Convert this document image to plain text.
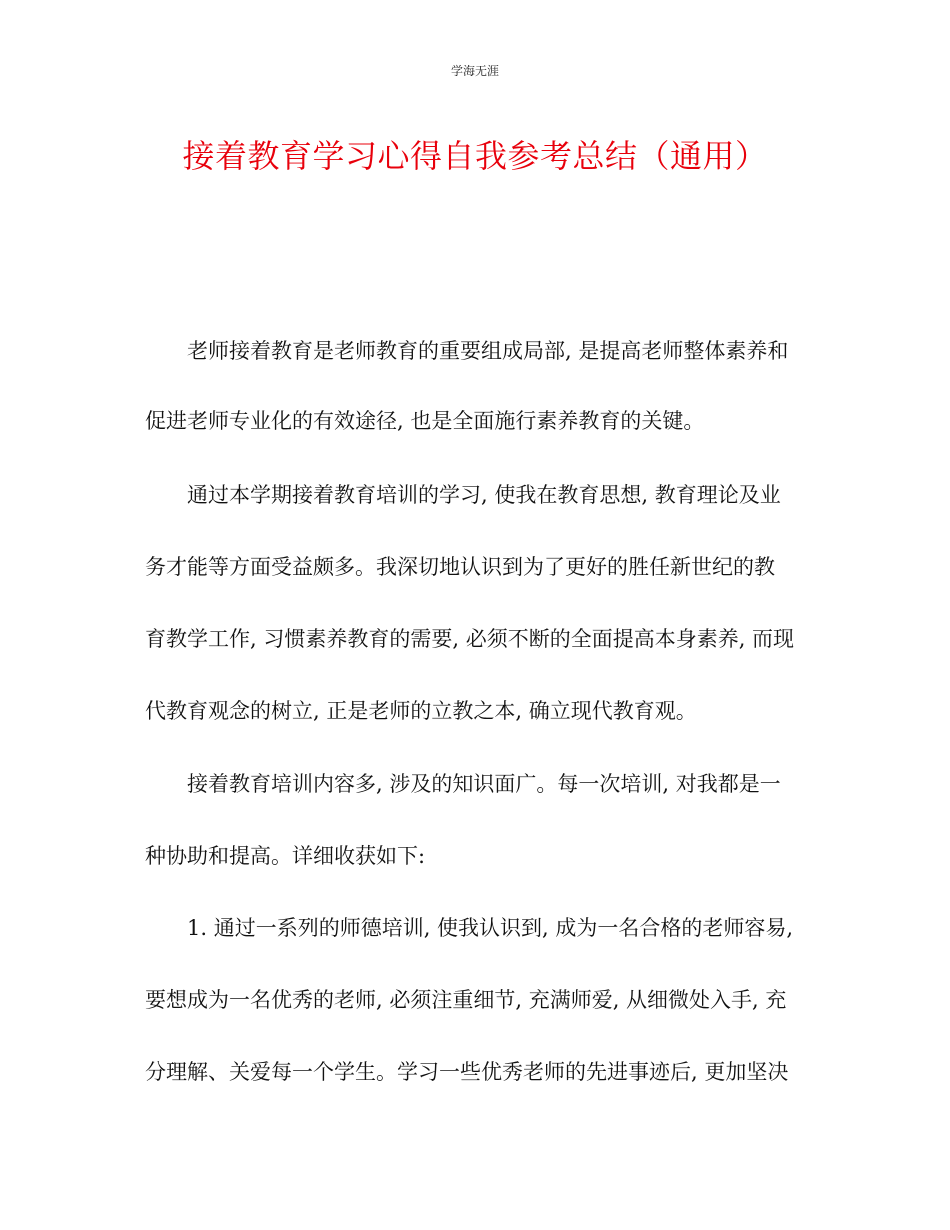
学海无涯
接着教育学习心得自我参考总结（通用）
老师接着教育是老师教育的重要组成局部, 是提高老师整体素养和
促进老师专业化的有效途径, 也是全面施行素养教育的关键。
通过本学期接着教育培训的学习, 使我在教育思想, 教育理论及业
务才能等方面受益颇多。我深切地认识到为了更好的胜任新世纪的教
育教学工作, 习惯素养教育的需要, 必须不断的全面提高本身素养, 而现
代教育观念的树立, 正是老师的立教之本, 确立现代教育观。
接着教育培训内容多, 涉及的知识面广。每一次培训, 对我都是一
种协助和提高。详细收获如下:
1. 通过一系列的师德培训, 使我认识到, 成为一名合格的老师容易,
要想成为一名优秀的老师, 必须注重细节, 充满师爱, 从细微处入手, 充
分理解、关爱每一个学生。学习一些优秀老师的先进事迹后, 更加坚决
